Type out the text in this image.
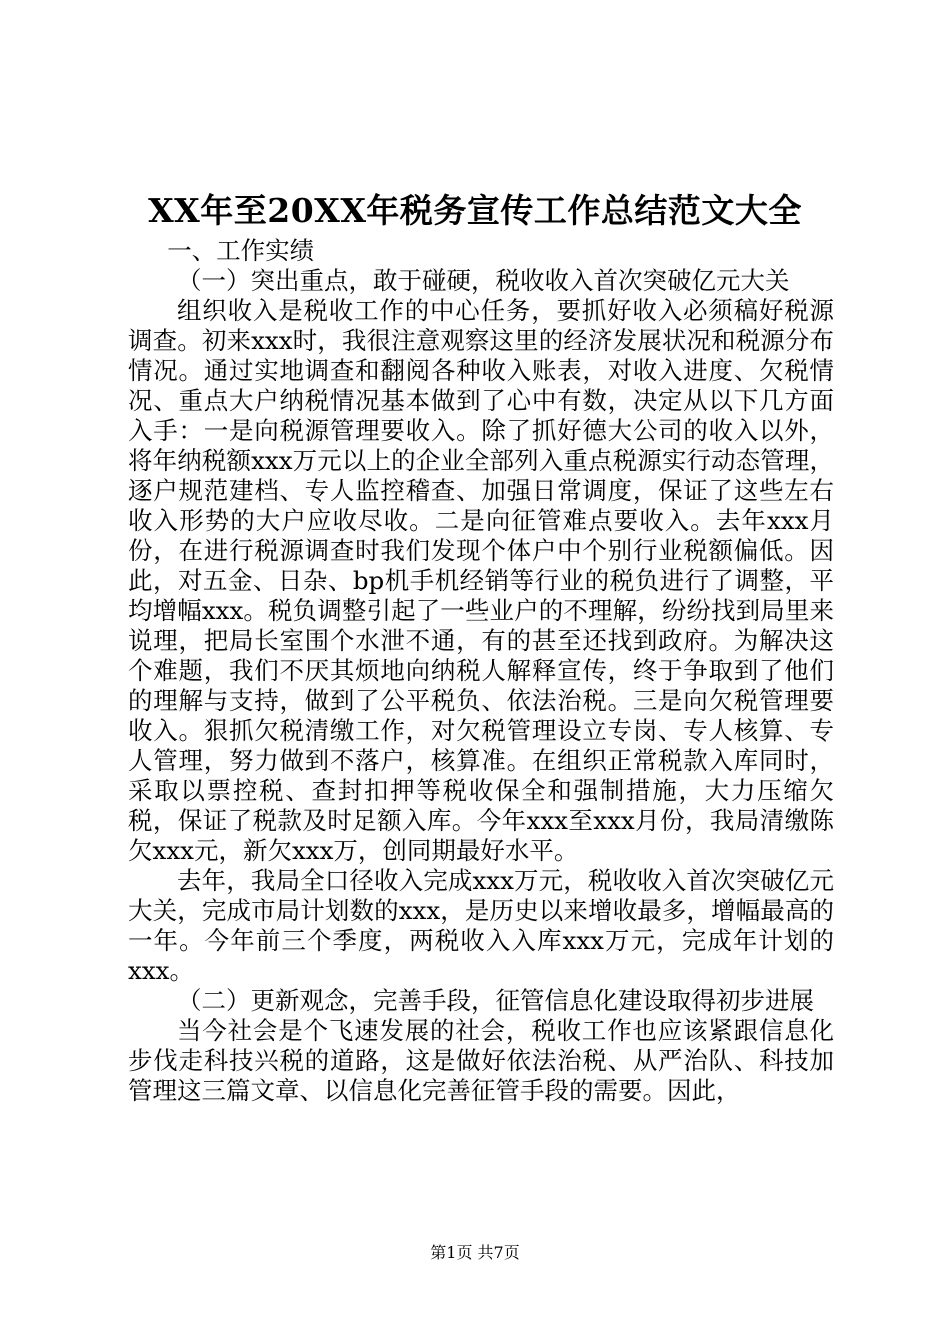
XX年至20XX年税务宣传工作总结范文大全

一、工作实绩

（一）突出重点，敢于碰硬，税收收入首次突破亿元大关

组织收入是税收工作的中心任务，要抓好收入必须稿好税源调查。初来xxx时，我很注意观察这里的经济发展状况和税源分布情况。通过实地调查和翻阅各种收入账表，对收入进度、欠税情况、重点大户纳税情况基本做到了心中有数，决定从以下几方面入手：一是向税源管理要收入。除了抓好德大公司的收入以外，将年纳税额xxx万元以上的企业全部列入重点税源实行动态管理，逐户规范建档、专人监控稽查、加强日常调度，保证了这些左右收入形势的大户应收尽收。二是向征管难点要收入。去年xxx月份，在进行税源调查时我们发现个体户中个别行业税额偏低。因此，对五金、日杂、bp机手机经销等行业的税负进行了调整，平均增幅xxx。税负调整引起了一些业户的不理解，纷纷找到局里来说理，把局长室围个水泄不通，有的甚至还找到政府。为解决这个难题，我们不厌其烦地向纳税人解释宣传，终于争取到了他们的理解与支持，做到了公平税负、依法治税。三是向欠税管理要收入。狠抓欠税清缴工作，对欠税管理设立专岗、专人核算、专人管理，努力做到不落户，核算准。在组织正常税款入库同时，采取以票控税、查封扣押等税收保全和强制措施，大力压缩欠税，保证了税款及时足额入库。今年xxx至xxx月份，我局清缴陈欠xxx元，新欠xxx万，创同期最好水平。

去年，我局全口径收入完成xxx万元，税收收入首次突破亿元大关，完成市局计划数的xxx，是历史以来增收最多，增幅最高的一年。今年前三个季度，两税收入入库xxx万元，完成年计划的xxx。

（二）更新观念，完善手段，征管信息化建设取得初步进展

当今社会是个飞速发展的社会，税收工作也应该紧跟信息化步伐走科技兴税的道路，这是做好依法治税、从严治队、科技加管理这三篇文章、以信息化完善征管手段的需要。因此，

第1页 共7页
